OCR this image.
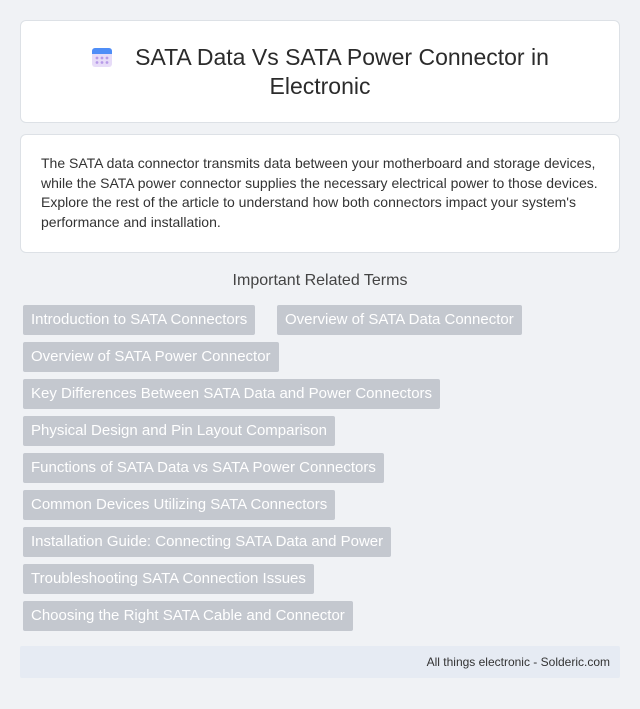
SATA Data Vs SATA Power Connector in Electronic

The SATA data connector transmits data between your motherboard and storage devices, while the SATA power connector supplies the necessary electrical power to those devices. Explore the rest of the article to understand how both connectors impact your system's performance and installation.

Important Related Terms
Introduction to SATA Connectors	Overview of SATA Data Connector
Overview of SATA Power Connector
Key Differences Between SATA Data and Power Connectors
Physical Design and Pin Layout Comparison
Functions of SATA Data vs SATA Power Connectors
Common Devices Utilizing SATA Connectors
Installation Guide: Connecting SATA Data and Power
Troubleshooting SATA Connection Issues
Choosing the Right SATA Cable and Connector
All things electronic - Solderic.com
